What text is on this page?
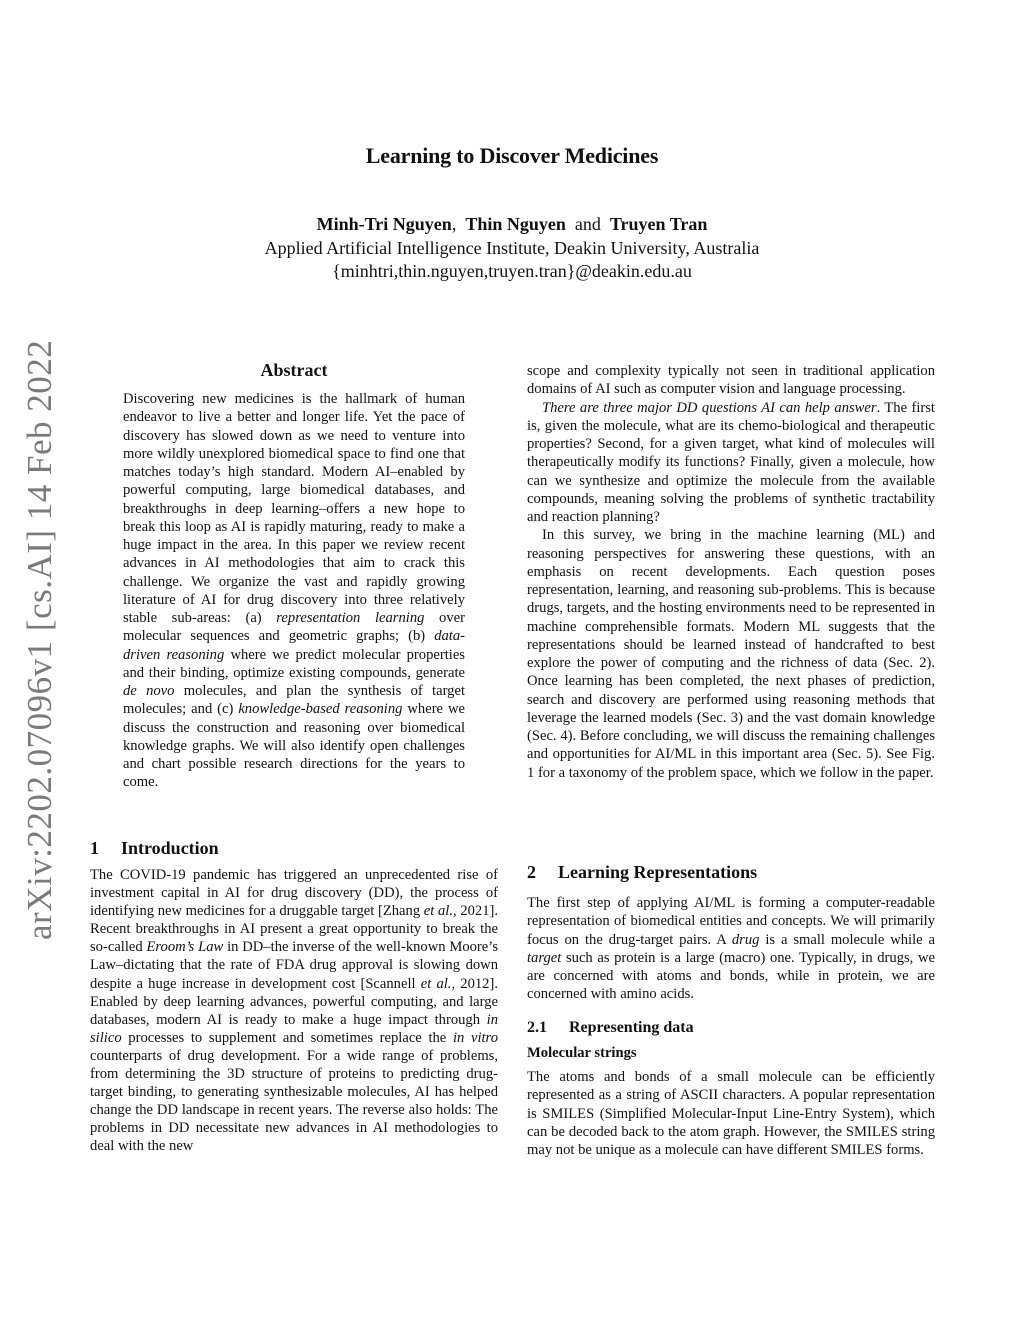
Learning to Discover Medicines
Minh-Tri Nguyen, Thin Nguyen and Truyen Tran
Applied Artificial Intelligence Institute, Deakin University, Australia
{minhtri,thin.nguyen,truyen.tran}@deakin.edu.au
arXiv:2202.07096v1 [cs.AI] 14 Feb 2022	Abstract
Discovering new medicines is the hallmark of human endeavor to live a better and longer life. Yet the pace of discovery has slowed down as we need to venture into more wildly unexplored biomedical space to find one that matches today’s high standard. Modern AI–enabled by powerful computing, large biomedical databases, and breakthroughs in deep learning–offers a new hope to break this loop as AI is rapidly maturing, ready to make a huge impact in the area. In this paper we review recent advances in AI methodologies that aim to crack this challenge. We organize the vast and rapidly growing literature of AI for drug discovery into three relatively stable sub-areas: (a) representation learning over molecular sequences and geometric graphs; (b) data-driven reasoning where we predict molecular properties and their binding, optimize existing compounds, generate de novo molecules, and plan the synthesis of target molecules; and (c) knowledge-based reasoning where we discuss the construction and reasoning over biomedical knowledge graphs. We will also identify open challenges and chart possible research directions for the years to come.
1 Introduction
The COVID-19 pandemic has triggered an unprecedented rise of investment capital in AI for drug discovery (DD), the process of identifying new medicines for a druggable target [Zhang et al., 2021]. Recent breakthroughs in AI present a great opportunity to break the so-called Eroom’s Law in DD–the inverse of the well-known Moore’s Law–dictating that the rate of FDA drug approval is slowing down despite a huge increase in development cost [Scannell et al., 2012]. Enabled by deep learning advances, powerful computing, and large databases, modern AI is ready to make a huge impact through in silico processes to supplement and sometimes replace the in vitro counterparts of drug development. For a wide range of problems, from determining the 3D structure of proteins to predicting drug-target binding, to generating synthesizable molecules, AI has helped change the DD landscape in recent years. The reverse also holds: The problems in DD necessitate new advances in AI methodologies to deal with the new

scope and complexity typically not seen in traditional application domains of AI such as computer vision and language processing.

There are three major DD questions AI can help answer. The first is, given the molecule, what are its chemo-biological and therapeutic properties? Second, for a given target, what kind of molecules will therapeutically modify its functions? Finally, given a molecule, how can we synthesize and optimize the molecule from the available compounds, meaning solving the problems of synthetic tractability and reaction planning?

In this survey, we bring in the machine learning (ML) and reasoning perspectives for answering these questions, with an emphasis on recent developments. Each question poses representation, learning, and reasoning sub-problems. This is because drugs, targets, and the hosting environments need to be represented in machine comprehensible formats. Modern ML suggests that the representations should be learned instead of handcrafted to best explore the power of computing and the richness of data (Sec. 2). Once learning has been completed, the next phases of prediction, search and discovery are performed using reasoning methods that leverage the learned models (Sec. 3) and the vast domain knowledge (Sec. 4). Before concluding, we will discuss the remaining challenges and opportunities for AI/ML in this important area (Sec. 5). See Fig. 1 for a taxonomy of the problem space, which we follow in the paper.

2 Learning Representations
The first step of applying AI/ML is forming a computer-readable representation of biomedical entities and concepts. We will primarily focus on the drug-target pairs. A drug is a small molecule while a target such as protein is a large (macro) one. Typically, in drugs, we are concerned with atoms and bonds, while in protein, we are concerned with amino acids.
2.1 Representing data
Molecular strings
The atoms and bonds of a small molecule can be efficiently represented as a string of ASCII characters. A popular representation is SMILES (Simplified Molecular-Input Line-Entry System), which can be decoded back to the atom graph. However, the SMILES string may not be unique as a molecule can have different SMILES forms.
